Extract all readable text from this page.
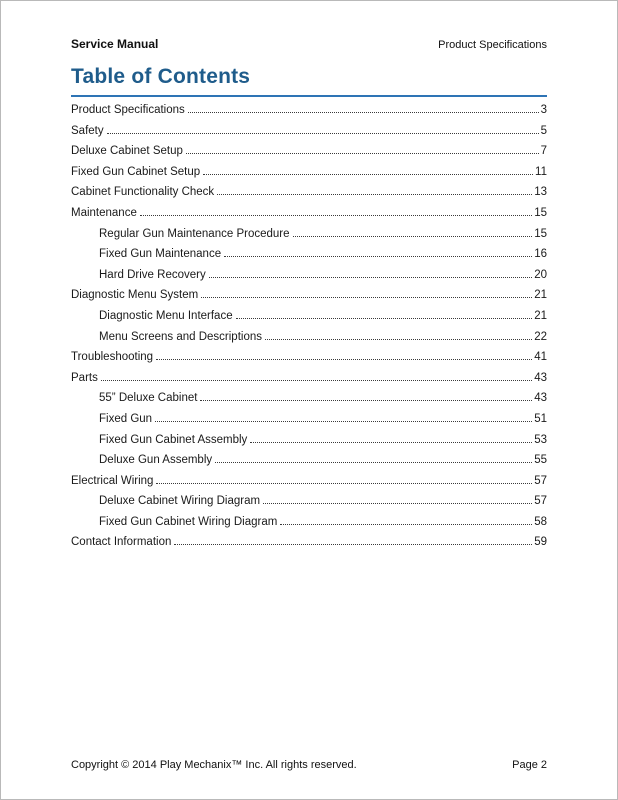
Service Manual	Product Specifications
Table of Contents
Product Specifications	3
Safety	5
Deluxe Cabinet Setup	7
Fixed Gun Cabinet Setup	11
Cabinet Functionality Check	13
Maintenance	15
Regular Gun Maintenance Procedure	15
Fixed Gun Maintenance	16
Hard Drive Recovery	20
Diagnostic Menu System	21
Diagnostic Menu Interface	21
Menu Screens and Descriptions	22
Troubleshooting	41
Parts	43
55” Deluxe Cabinet	43
Fixed Gun	51
Fixed Gun Cabinet Assembly	53
Deluxe Gun Assembly	55
Electrical Wiring	57
Deluxe Cabinet Wiring Diagram	57
Fixed Gun Cabinet Wiring Diagram	58
Contact Information	59
Copyright © 2014 Play Mechanix™ Inc. All rights reserved.	Page 2
